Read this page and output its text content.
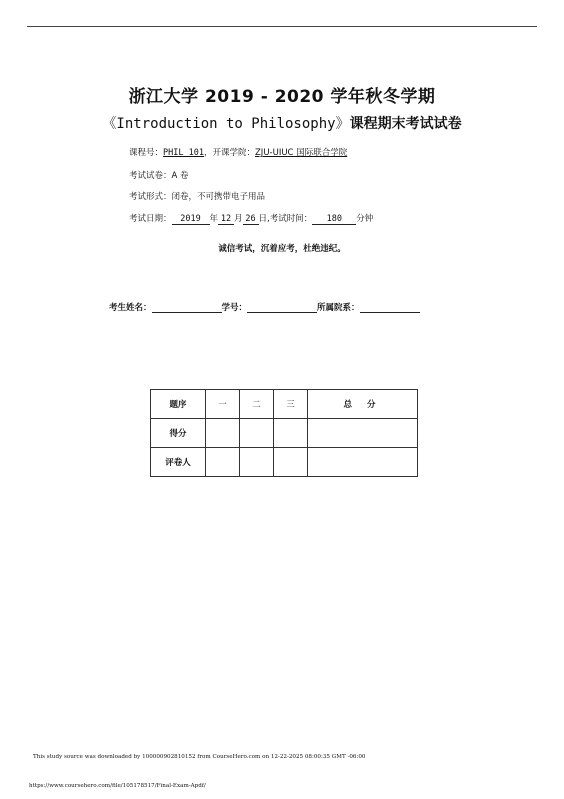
浙江大学 2019 - 2020 学年秋冬学期
《Introduction to Philosophy》课程期末考试试卷
课程号：PHIL 101，开课学院：ZJU-UIUC 国际联合学院
考试试卷：A 卷
考试形式：闭卷，不可携带电子用品
考试日期： 2019 年 12 月 26 日,考试时间： 180 分钟
诚信考试，沉着应考，杜绝违纪。
考生姓名：	学号：	所属院系：
题序	一	二	三	总 分
得分				
评卷人				
This study source was downloaded by 100000902810152 from CourseHero.com on 12-22-2025 08:00:35 GMT -06:00
https://www.coursehero.com/file/105178517/Final-Exam-Apdf/
